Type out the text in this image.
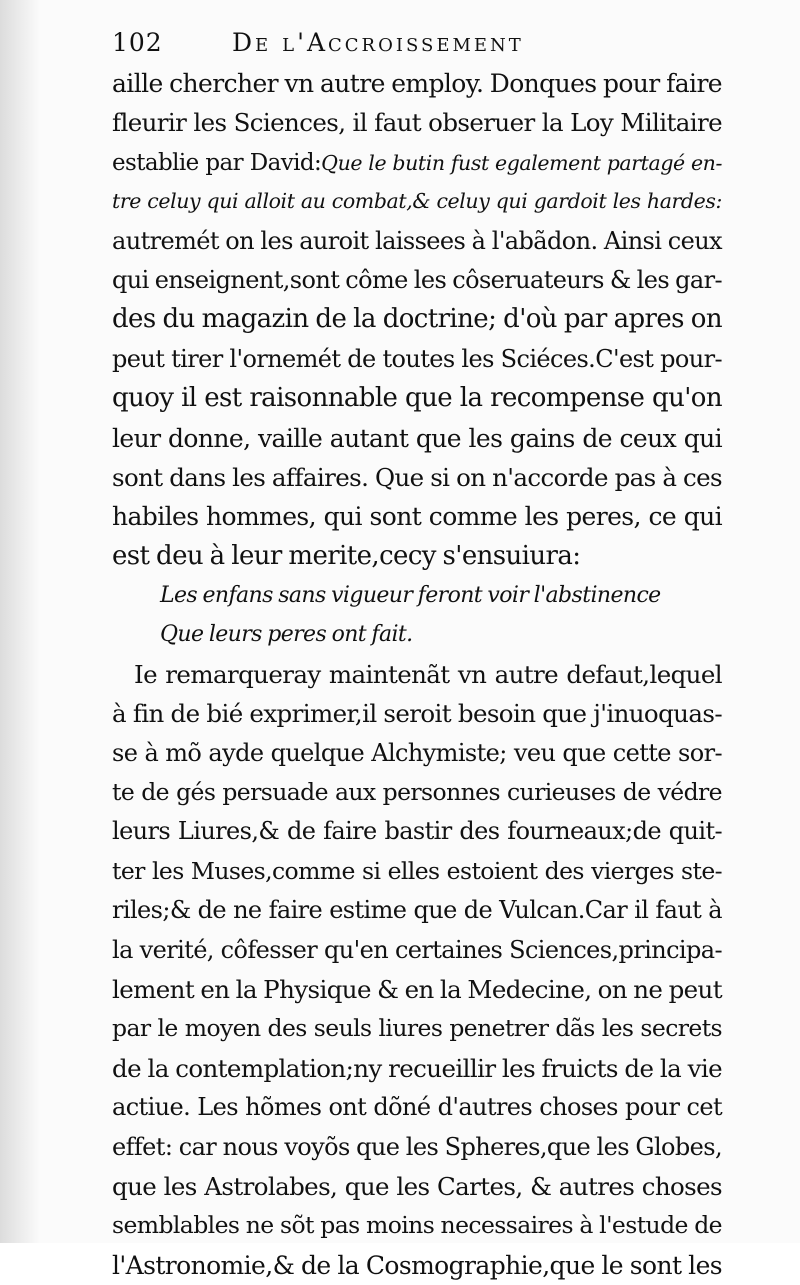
102	De l'Accroissement
aille chercher vn autre employ. Donques pour faire
fleurir les Sciences, il faut obseruer la Loy Militaire
establie par David:Que le butin fust egalement partagé en-
tre celuy qui alloit au combat,& celuy qui gardoit les hardes:
autremét on les auroit laissees à l'abãdon. Ainsi ceux
qui enseignent,sont côme les côseruateurs & les gar-
des du magazin de la doctrine; d'où par apres on
peut tirer l'ornemét de toutes les Sciéces.C'est pour-
quoy il est raisonnable que la recompense qu'on
leur donne, vaille autant que les gains de ceux qui
sont dans les affaires. Que si on n'accorde pas à ces
habiles hommes, qui sont comme les peres, ce qui
est deu à leur merite,cecy s'ensuiura:
Les enfans sans vigueur feront voir l'abstinence
Que leurs peres ont fait.
Ie remarqueray maintenãt vn autre defaut,lequel
à fin de bié exprimer,il seroit besoin que j'inuoquas-
se à mõ ayde quelque Alchymiste; veu que cette sor-
te de gés persuade aux personnes curieuses de védre
leurs Liures,& de faire bastir des fourneaux;de quit-
ter les Muses,comme si elles estoient des vierges ste-
riles;& de ne faire estime que de Vulcan.Car il faut à
la verité, côfesser qu'en certaines Sciences,principa-
lement en la Physique & en la Medecine, on ne peut
par le moyen des seuls liures penetrer dãs les secrets
de la contemplation;ny recueillir les fruicts de la vie
actiue. Les hõmes ont dõné d'autres choses pour cet
effet: car nous voyõs que les Spheres,que les Globes,
que les Astrolabes, que les Cartes, & autres choses
semblables ne sõt pas moins necessaires à l'estude de
l'Astronomie,& de la Cosmographie,que le sont les
